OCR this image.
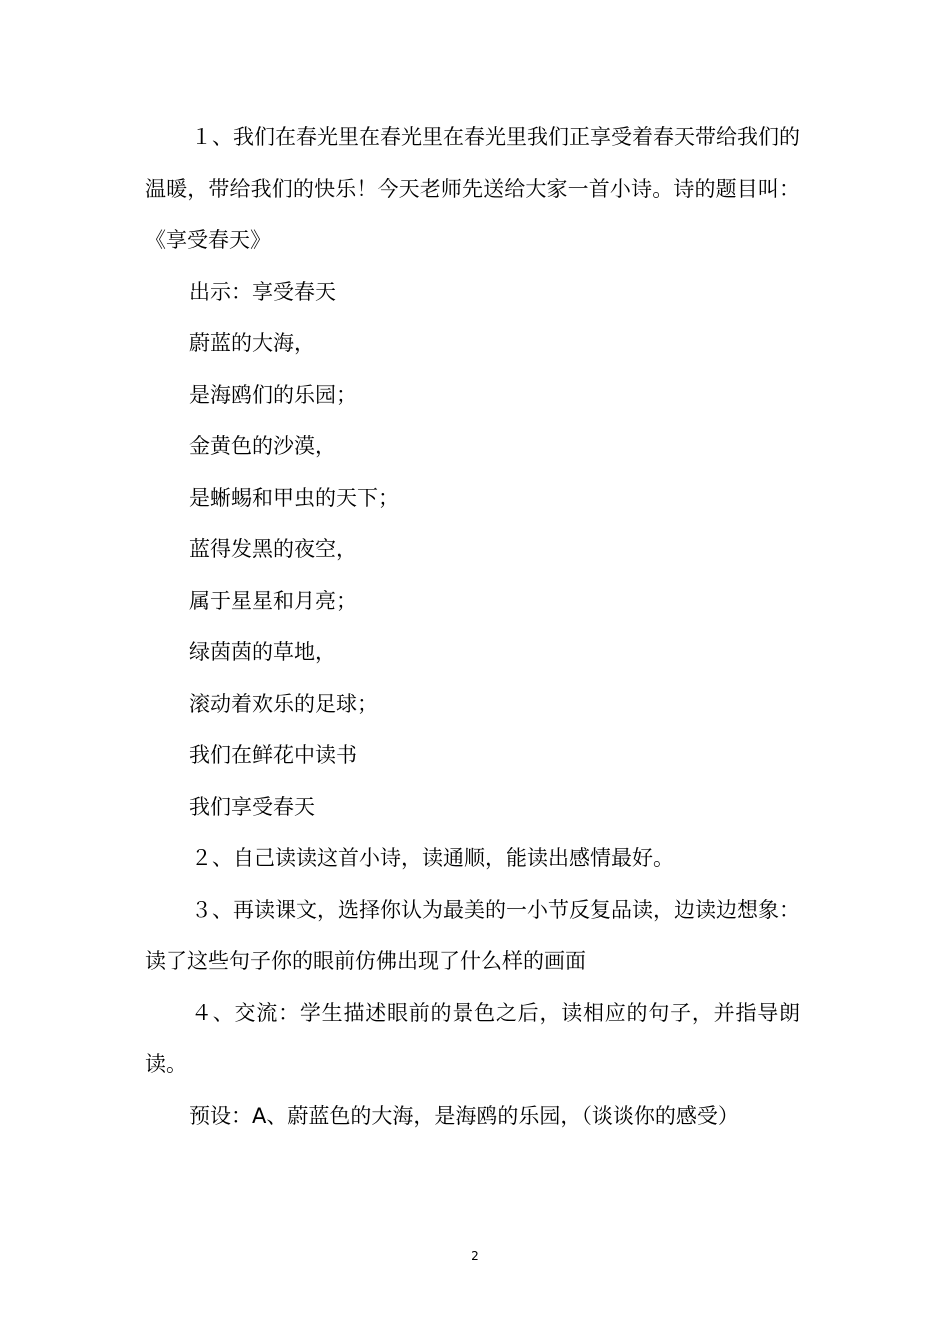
１、我们在春光里在春光里在春光里我们正享受着春天带给我们的温暖，带给我们的快乐！今天老师先送给大家一首小诗。诗的题目叫：《享受春天》

出示：享受春天

蔚蓝的大海，

是海鸥们的乐园；

金黄色的沙漠，

是蜥蜴和甲虫的天下；

蓝得发黑的夜空，

属于星星和月亮；

绿茵茵的草地，

滚动着欢乐的足球；

我们在鲜花中读书

我们享受春天

２、自己读读这首小诗，读通顺，能读出感情最好。

３、再读课文，选择你认为最美的一小节反复品读，边读边想象：读了这些句子你的眼前仿佛出现了什么样的画面

４、交流：学生描述眼前的景色之后，读相应的句子，并指导朗读。

预设：A、蔚蓝色的大海，是海鸥的乐园，（谈谈你的感受）

2
